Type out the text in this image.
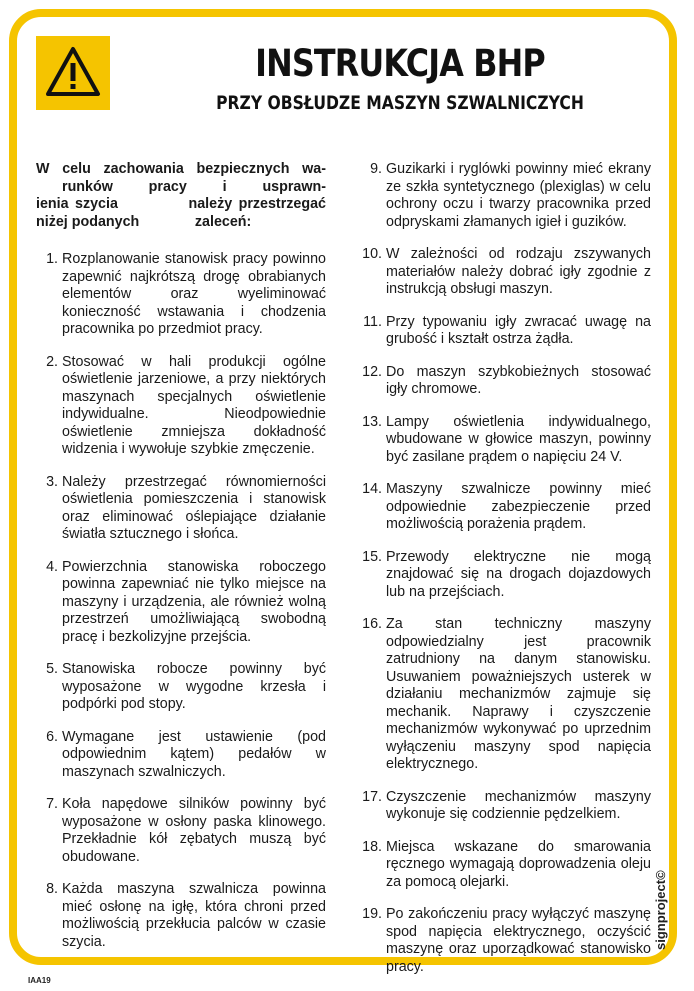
INSTRUKCJA BHP
PRZY OBSŁUDZE MASZYN SZWALNICZYCH
W celu zachowania bezpiecznych wa-
runków pracy i usprawn-
ienia szycia           należy przestrzegać
niżej podanych              zaleceń:
1. Rozplanowanie stanowisk pracy powinno zapewnić najkrótszą drogę obrabianych elementów oraz wyeliminować konieczność wstawania i chodzenia pracownika po przedmiot pracy.
2. Stosować w hali produkcji ogólne oświetlenie jarzeniowe, a przy niektórych maszynach specjalnych oświetlenie indywidualne. Nieodpowiednie oświetlenie zmniejsza dokładność widzenia i wywołuje szybkie zmęczenie.
3. Należy przestrzegać równomierności oświetlenia pomieszczenia i stanowisk oraz eliminować oślepiające działanie światła sztucznego i słońca.
4. Powierzchnia stanowiska roboczego powinna zapewniać nie tylko miejsce na maszyny i urządzenia, ale również wolną przestrzeń umożliwiającą swobodną pracę i bezkolizyjne przejścia.
5. Stanowiska robocze powinny być wyposażone w wygodne krzesła i podpórki pod stopy.
6. Wymagane jest ustawienie (pod odpowiednim kątem) pedałów w maszynach szwalniczych.
7. Koła napędowe silników powinny być wyposażone w osłony paska klinowego. Przekładnie kół zębatych muszą być obudowane.
8. Każda maszyna szwalnicza powinna mieć osłonę na igłę, która chroni przed możliwością przekłucia palców w czasie szycia.
9. Guzikarki i ryglówki powinny mieć ekrany ze szkła syntetycznego (plexiglas) w celu ochrony oczu i twarzy pracownika przed odpryskami złamanych igieł i guzików.
10. W zależności od rodzaju zszywanych materiałów należy dobrać igły zgodnie z instrukcją obsługi maszyn.
11. Przy typowaniu igły zwracać uwagę na grubość i kształt ostrza żądła.
12. Do maszyn szybkobieżnych stosować igły chromowe.
13. Lampy oświetlenia indywidualnego, wbudowane w głowice maszyn, powinny być zasilane prądem o napięciu 24 V.
14. Maszyny szwalnicze powinny mieć odpowiednie zabezpieczenie przed możliwością porażenia prądem.
15. Przewody elektryczne nie mogą znajdować się na drogach dojazdowych lub na przejściach.
16. Za stan techniczny maszyny odpowiedzialny jest pracownik zatrudniony na danym stanowisku. Usuwaniem poważniejszych usterek w działaniu mechanizmów zajmuje się mechanik. Naprawy i czyszczenie mechanizmów wykonywać po uprzednim wyłączeniu maszyny spod napięcia elektrycznego.
17. Czyszczenie mechanizmów maszyny wykonuje się codziennie pędzelkiem.
18. Miejsca wskazane do smarowania ręcznego wymagają doprowadzenia oleju za pomocą olejarki.
19. Po zakończeniu pracy wyłączyć maszynę spod napięcia elektrycznego, oczyścić maszynę oraz uporządkować stanowisko pracy.
IAA19
signproject©
